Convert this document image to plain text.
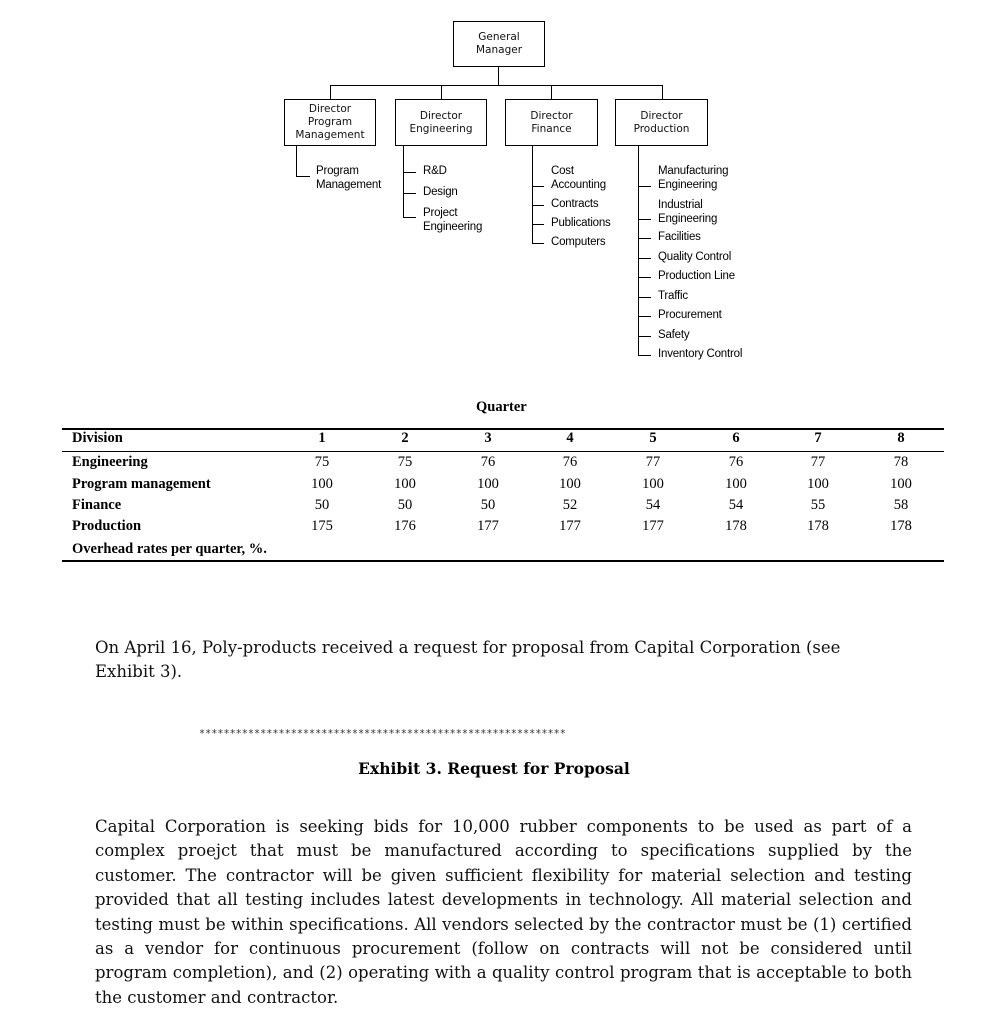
General
Manager
Director
Program
Management
Director
Engineering
Director
Finance
Director
Production
Program
Management
R&D
Design
Project
Engineering
Cost
Accounting
Contracts
Publications
Computers
Manufacturing
Engineering
Industrial
Engineering
Facilities
Quality Control
Production Line
Traffic
Procurement
Safety
Inventory Control
Quarter
Division	1	2	3	4	5	6	7	8
Engineering	75	75	76	76	77	76	77	78
Program management	100	100	100	100	100	100	100	100
Finance	50	50	50	52	54	54	55	58
Production	175	176	177	177	177	178	178	178
Overhead rates per quarter, %.
On April 16, Poly-products received a request for proposal from Capital Corporation (see Exhibit 3).
************************************************************
Exhibit 3. Request for Proposal
Capital Corporation is seeking bids for 10,000 rubber components to be used as part of a complex proejct that must be manufactured according to specifications supplied by the customer. The contractor will be given sufficient flexibility for material selection and testing provided that all testing includes latest developments in technology. All material selection and testing must be within specifications. All vendors selected by the contractor must be (1) certified as a vendor for continuous procurement (follow on contracts will not be considered until program completion), and (2) operating with a quality control program that is acceptable to both the customer and contractor.
